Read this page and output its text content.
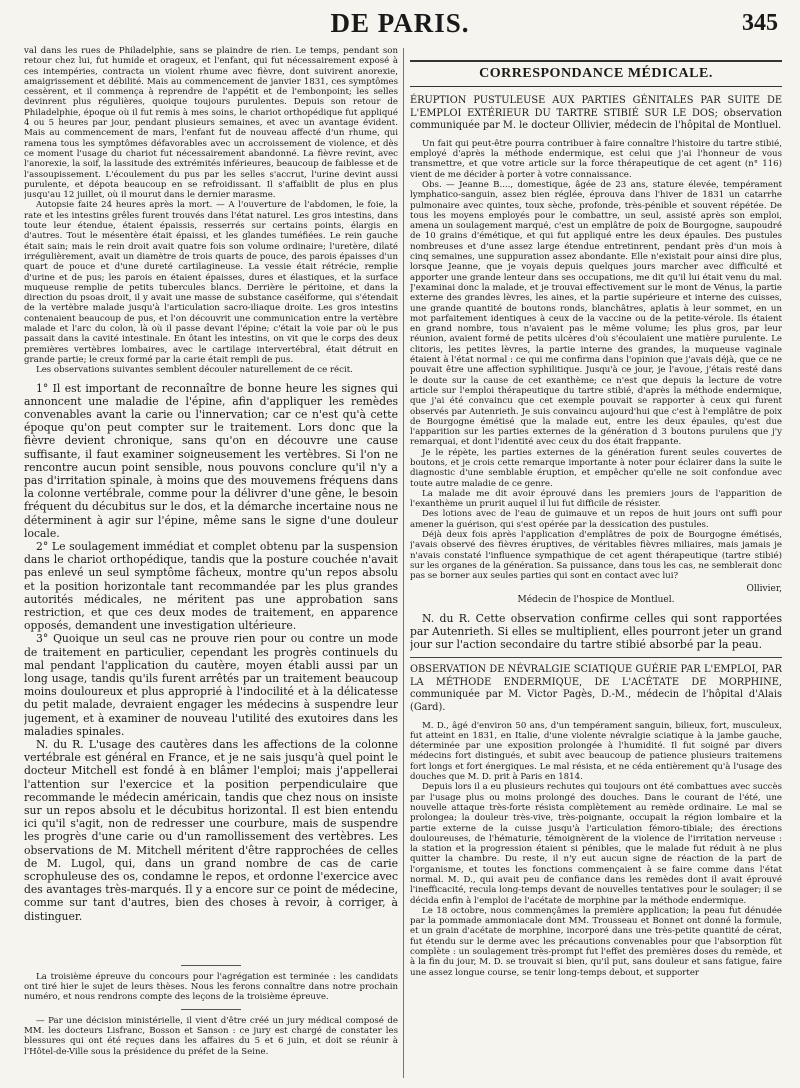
DE PARIS.	345

val dans les rues de Philadelphie, sans se plaindre de rien. Le temps, pendant son retour chez lui, fut humide et orageux, et l'enfant, qui fut nécessairement exposé à ces intempéries, contracta un violent rhume avec fièvre, dont suivirent anorexie, amaigrissement et débilité. Mais au commencement de janvier 1831, ces symptômes cessèrent, et il commença à reprendre de l'appétit et de l'embonpoint; les selles devinrent plus régulières, quoique toujours purulentes. Depuis son retour de Philadelphie, époque où il fut remis à mes soins, le chariot orthopédique fut appliqué 4 ou 5 heures par jour, pendant plusieurs semaines, et avec un avantage évident. Mais au commencement de mars, l'enfant fut de nouveau affecté d'un rhume, qui ramena tous les symptômes défavorables avec un accroissement de violence, et dès ce moment l'usage du chariot fut nécessairement abandonné. La fièvre revint, avec l'anorexie, la soif, la lassitude des extrémités inférieures, beaucoup de faiblesse et de l'assoupissement. L'écoulement du pus par les selles s'accrut, l'urine devint aussi purulente, et dépota beaucoup en se refroidissant. Il s'affaiblit de plus en plus jusqu'au 12 juillet, où il mourut dans le dernier marasme.

Autopsie faite 24 heures après la mort. — A l'ouverture de l'abdomen, le foie, la rate et les intestins grêles furent trouvés dans l'état naturel. Les gros intestins, dans toute leur étendue, étaient épaissis, resserrés sur certains points, élargis en d'autres. Tout le mésentère était épaissi, et les glandes tuméfiées. Le rein gauche était sain; mais le rein droit avait quatre fois son volume ordinaire; l'uretère, dilaté irrégulièrement, avait un diamètre de trois quarts de pouce, des parois épaisses d'un quart de pouce et d'une dureté cartilagineuse. La vessie était rétrécie, remplie d'urine et de pus; les parois en étaient épaisses, dures et élastiques, et la surface muqueuse remplie de petits tubercules blancs. Derrière le péritoine, et dans la direction du psoas droit, il y avait une masse de substance caséiforme, qui s'étendait de la vertèbre malade jusqu'à l'articulation sacro-iliaque droite. Les gros intestins contenaient beaucoup de pus, et l'on découvrit une communication entre la vertèbre malade et l'arc du colon, là où il passe devant l'épine; c'était la voie par où le pus passait dans la cavité intestinale. En ôtant les intestins, on vit que le corps des deux premières vertèbres lombaires, avec le cartilage intervertébral, était détruit en grande partie; le creux formé par la carie était rempli de pus.

Les observations suivantes semblent découler naturellement de ce récit.

1° Il est important de reconnaître de bonne heure les signes qui annoncent une maladie de l'épine, afin d'appliquer les remèdes convenables avant la carie ou l'innervation; car ce n'est qu'à cette époque qu'on peut compter sur le traitement. Lors donc que la fièvre devient chronique, sans qu'on en découvre une cause suffisante, il faut examiner soigneusement les vertèbres. Si l'on ne rencontre aucun point sensible, nous pouvons conclure qu'il n'y a pas d'irritation spinale, à moins que des mouvemens fréquens dans la colonne vertébrale, comme pour la délivrer d'une gêne, le besoin fréquent du décubitus sur le dos, et la démarche incertaine nous ne déterminent à agir sur l'épine, même sans le signe d'une douleur locale.

2° Le soulagement immédiat et complet obtenu par la suspension dans le chariot orthopédique, tandis que la posture couchée n'avait pas enlevé un seul symptôme fâcheux, montre qu'un repos absolu et la position horizontale tant recommandée par les plus grandes autorités médicales, ne méritent pas une approbation sans restriction, et que ces deux modes de traitement, en apparence opposés, demandent une investigation ultérieure.

3° Quoique un seul cas ne prouve rien pour ou contre un mode de traitement en particulier, cependant les progrès continuels du mal pendant l'application du cautère, moyen établi aussi par un long usage, tandis qu'ils furent arrêtés par un traitement beaucoup moins douloureux et plus approprié à l'indocilité et à la délicatesse du petit malade, devraient engager les médecins à suspendre leur jugement, et à examiner de nouveau l'utilité des exutoires dans les maladies spinales.

N. du R. L'usage des cautères dans les affections de la colonne vertébrale est général en France, et je ne sais jusqu'à quel point le docteur Mitchell est fondé à en blâmer l'emploi; mais j'appellerai l'attention sur l'exercice et la position perpendiculaire que recommande le médecin américain, tandis que chez nous on insiste sur un repos absolu et le décubitus horizontal. Il est bien entendu ici qu'il s'agit, non de redresser une courbure, mais de suspendre les progrès d'une carie ou d'un ramollissement des vertèbres. Les observations de M. Mitchell méritent d'être rapprochées de celles de M. Lugol, qui, dans un grand nombre de cas de carie scrophuleuse des os, condamne le repos, et ordonne l'exercice avec des avantages très-marqués. Il y a encore sur ce point de médecine, comme sur tant d'autres, bien des choses à revoir, à corriger, à distinguer.

La troisième épreuve du concours pour l'agrégation est terminée : les candidats ont tiré hier le sujet de leurs thèses. Nous les ferons connaître dans notre prochain numéro, et nous rendrons compte des leçons de la troisième épreuve.

— Par une décision ministérielle, il vient d'être créé un jury médical composé de MM. les docteurs Lisfranc, Bosson et Sanson : ce jury est chargé de constater les blessures qui ont été reçues dans les affaires du 5 et 6 juin, et doit se réunir à l'Hôtel-de-Ville sous la présidence du préfet de la Seine.

CORRESPONDANCE MÉDICALE.

ÉRUPTION PUSTULEUSE AUX PARTIES GÉNITALES PAR SUITE DE L'EMPLOI EXTÉRIEUR DU TARTRE STIBIÉ SUR LE DOS; observation communiquée par M. le docteur Ollivier, médecin de l'hôpital de Montluel.

Un fait qui peut-être pourra contribuer à faire connaître l'histoire du tartre stibié, employé d'après la méthode endermique, est celui que j'ai l'honneur de vous transmettre, et que votre article sur la force thérapeutique de cet agent (n° 116) vient de me décider à porter à votre connaissance.

Obs. — Jeanne B...., domestique, âgée de 23 ans, stature élevée, tempérament lymphatico-sanguin, assez bien réglée, éprouva dans l'hiver de 1831 un catarrhe pulmonaire avec quintes, toux sèche, profonde, très-pénible et souvent répétée. De tous les moyens employés pour le combattre, un seul, assisté après son emploi, amena un soulagement marqué, c'est un emplâtre de poix de Bourgogne, saupoudré de 10 grains d'émétique, et qui fut appliqué entre les deux épaules. Des pustules nombreuses et d'une assez large étendue entretinrent, pendant près d'un mois à cinq semaines, une suppuration assez abondante. Elle n'existait pour ainsi dire plus, lorsque Jeanne, que je voyais depuis quelques jours marcher avec difficulté et apporter une grande lenteur dans ses occupations, me dit qu'il lui était venu du mal. J'examinai donc la malade, et je trouvai effectivement sur le mont de Vénus, la partie externe des grandes lèvres, les aines, et la partie supérieure et interne des cuisses, une grande quantité de boutons ronds, blanchâtres, aplatis à leur sommet, en un mot parfaitement identiques à ceux de la vaccine ou de la petite-vérole. Ils étaient en grand nombre, tous n'avaient pas le même volume; les plus gros, par leur réunion, avaient formé de petits ulcères d'où s'écoulaient une matière purulente. Le clitoris, les petites lèvres, la partie interne des grandes, la muqueuse vaginale étaient à l'état normal : ce qui me confirma dans l'opinion que j'avais déjà, que ce ne pouvait être une affection syphilitique. Jusqu'à ce jour, je l'avoue, j'étais resté dans le doute sur la cause de cet exanthème; ce n'est que depuis la lecture de votre article sur l'emploi thérapeutique du tartre stibié, d'après la méthode endermique, que j'ai été convaincu que cet exemple pouvait se rapporter à ceux qui furent observés par Autenrieth. Je suis convaincu aujourd'hui que c'est à l'emplâtre de poix de Bourgogne émétisé que la malade eut, entre les deux épaules, qu'est due l'apparition sur les parties externes de la génération d 3 boutons purulens que j'y remarquai, et dont l'identité avec ceux du dos était frappante.

Je le répète, les parties externes de la génération furent seules couvertes de boutons, et je crois cette remarque importante à noter pour éclairer dans la suite le diagnostic d'une semblable éruption, et empêcher qu'elle ne soit confondue avec toute autre maladie de ce genre.

La malade me dit avoir éprouvé dans les premiers jours de l'apparition de l'exanthème un prurit auquel il lui fut difficile de résister.

Des lotions avec de l'eau de guimauve et un repos de huit jours ont suffi pour amener la guérison, qui s'est opérée par la dessication des pustules.

Déjà deux fois après l'application d'emplâtres de poix de Bourgogne émétisés, j'avais observé des fièvres éruptives, de véritables fièvres miliaires, mais jamais je n'avais constaté l'influence sympathique de cet agent thérapeutique (tartre stibié) sur les organes de la génération. Sa puissance, dans tous les cas, ne semblerait donc pas se borner aux seules parties qui sont en contact avec lui?

Ollivier,
Médecin de l'hospice de Montluel.

N. du R. Cette observation confirme celles qui sont rapportées par Autenrieth. Si elles se multiplient, elles pourront jeter un grand jour sur l'action secondaire du tartre stibié absorbé par la peau.

OBSERVATION DE NÉVRALGIE SCIATIQUE GUÉRIE PAR L'EMPLOI, PAR LA MÉTHODE ENDERMIQUE, DE L'ACÉTATE DE MORPHINE, communiquée par M. Victor Pagès, D.-M., médecin de l'hôpital d'Alais (Gard).

M. D., âgé d'environ 50 ans, d'un tempérament sanguin, bilieux, fort, musculeux, fut atteint en 1831, en Italie, d'une violente névralgie sciatique à la jambe gauche, déterminée par une exposition prolongée à l'humidité. Il fut soigné par divers médecins fort distingués, et subit avec beaucoup de patience plusieurs traitemens fort longs et fort énergiques. Le mal résista, et ne céda entièrement qu'à l'usage des douches que M. D. prit à Paris en 1814.

Depuis lors il a eu plusieurs rechutes qui toujours ont été combattues avec succès par l'usage plus ou moins prolongé des douches. Dans le courant de l'été, une nouvelle attaque très-forte résista complètement au remède ordinaire. Le mal se prolongea; la douleur très-vive, très-poignante, occupait la région lombaire et la partie externe de la cuisse jusqu'à l'articulation fémoro-tibiale; des érections douloureuses, de l'hématurie, témoignèrent de la violence de l'irritation nerveuse : la station et la progression étaient si pénibles, que le malade fut réduit à ne plus quitter la chambre. Du reste, il n'y eut aucun signe de réaction de la part de l'organisme, et toutes les fonctions commençaient à se faire comme dans l'état normal. M. D., qui avait peu de confiance dans les remèdes dont il avait éprouvé l'inefficacité, recula long-temps devant de nouvelles tentatives pour le soulager; il se décida enfin à l'emploi de l'acétate de morphine par la méthode endermique.

Le 18 octobre, nous commençâmes la première application; la peau fut dénudée par la pommade ammoniacale dont MM. Trousseau et Bonnet ont donné la formule, et un grain d'acétate de morphine, incorporé dans une très-petite quantité de cérat, fut étendu sur le derme avec les précautions convenables pour que l'absorption fût complète : un soulagement très-prompt fut l'effet des premières doses du remède, et à la fin du jour, M. D. se trouvait si bien, qu'il put, sans douleur et sans fatigue, faire une assez longue course, se tenir long-temps debout, et supporter
